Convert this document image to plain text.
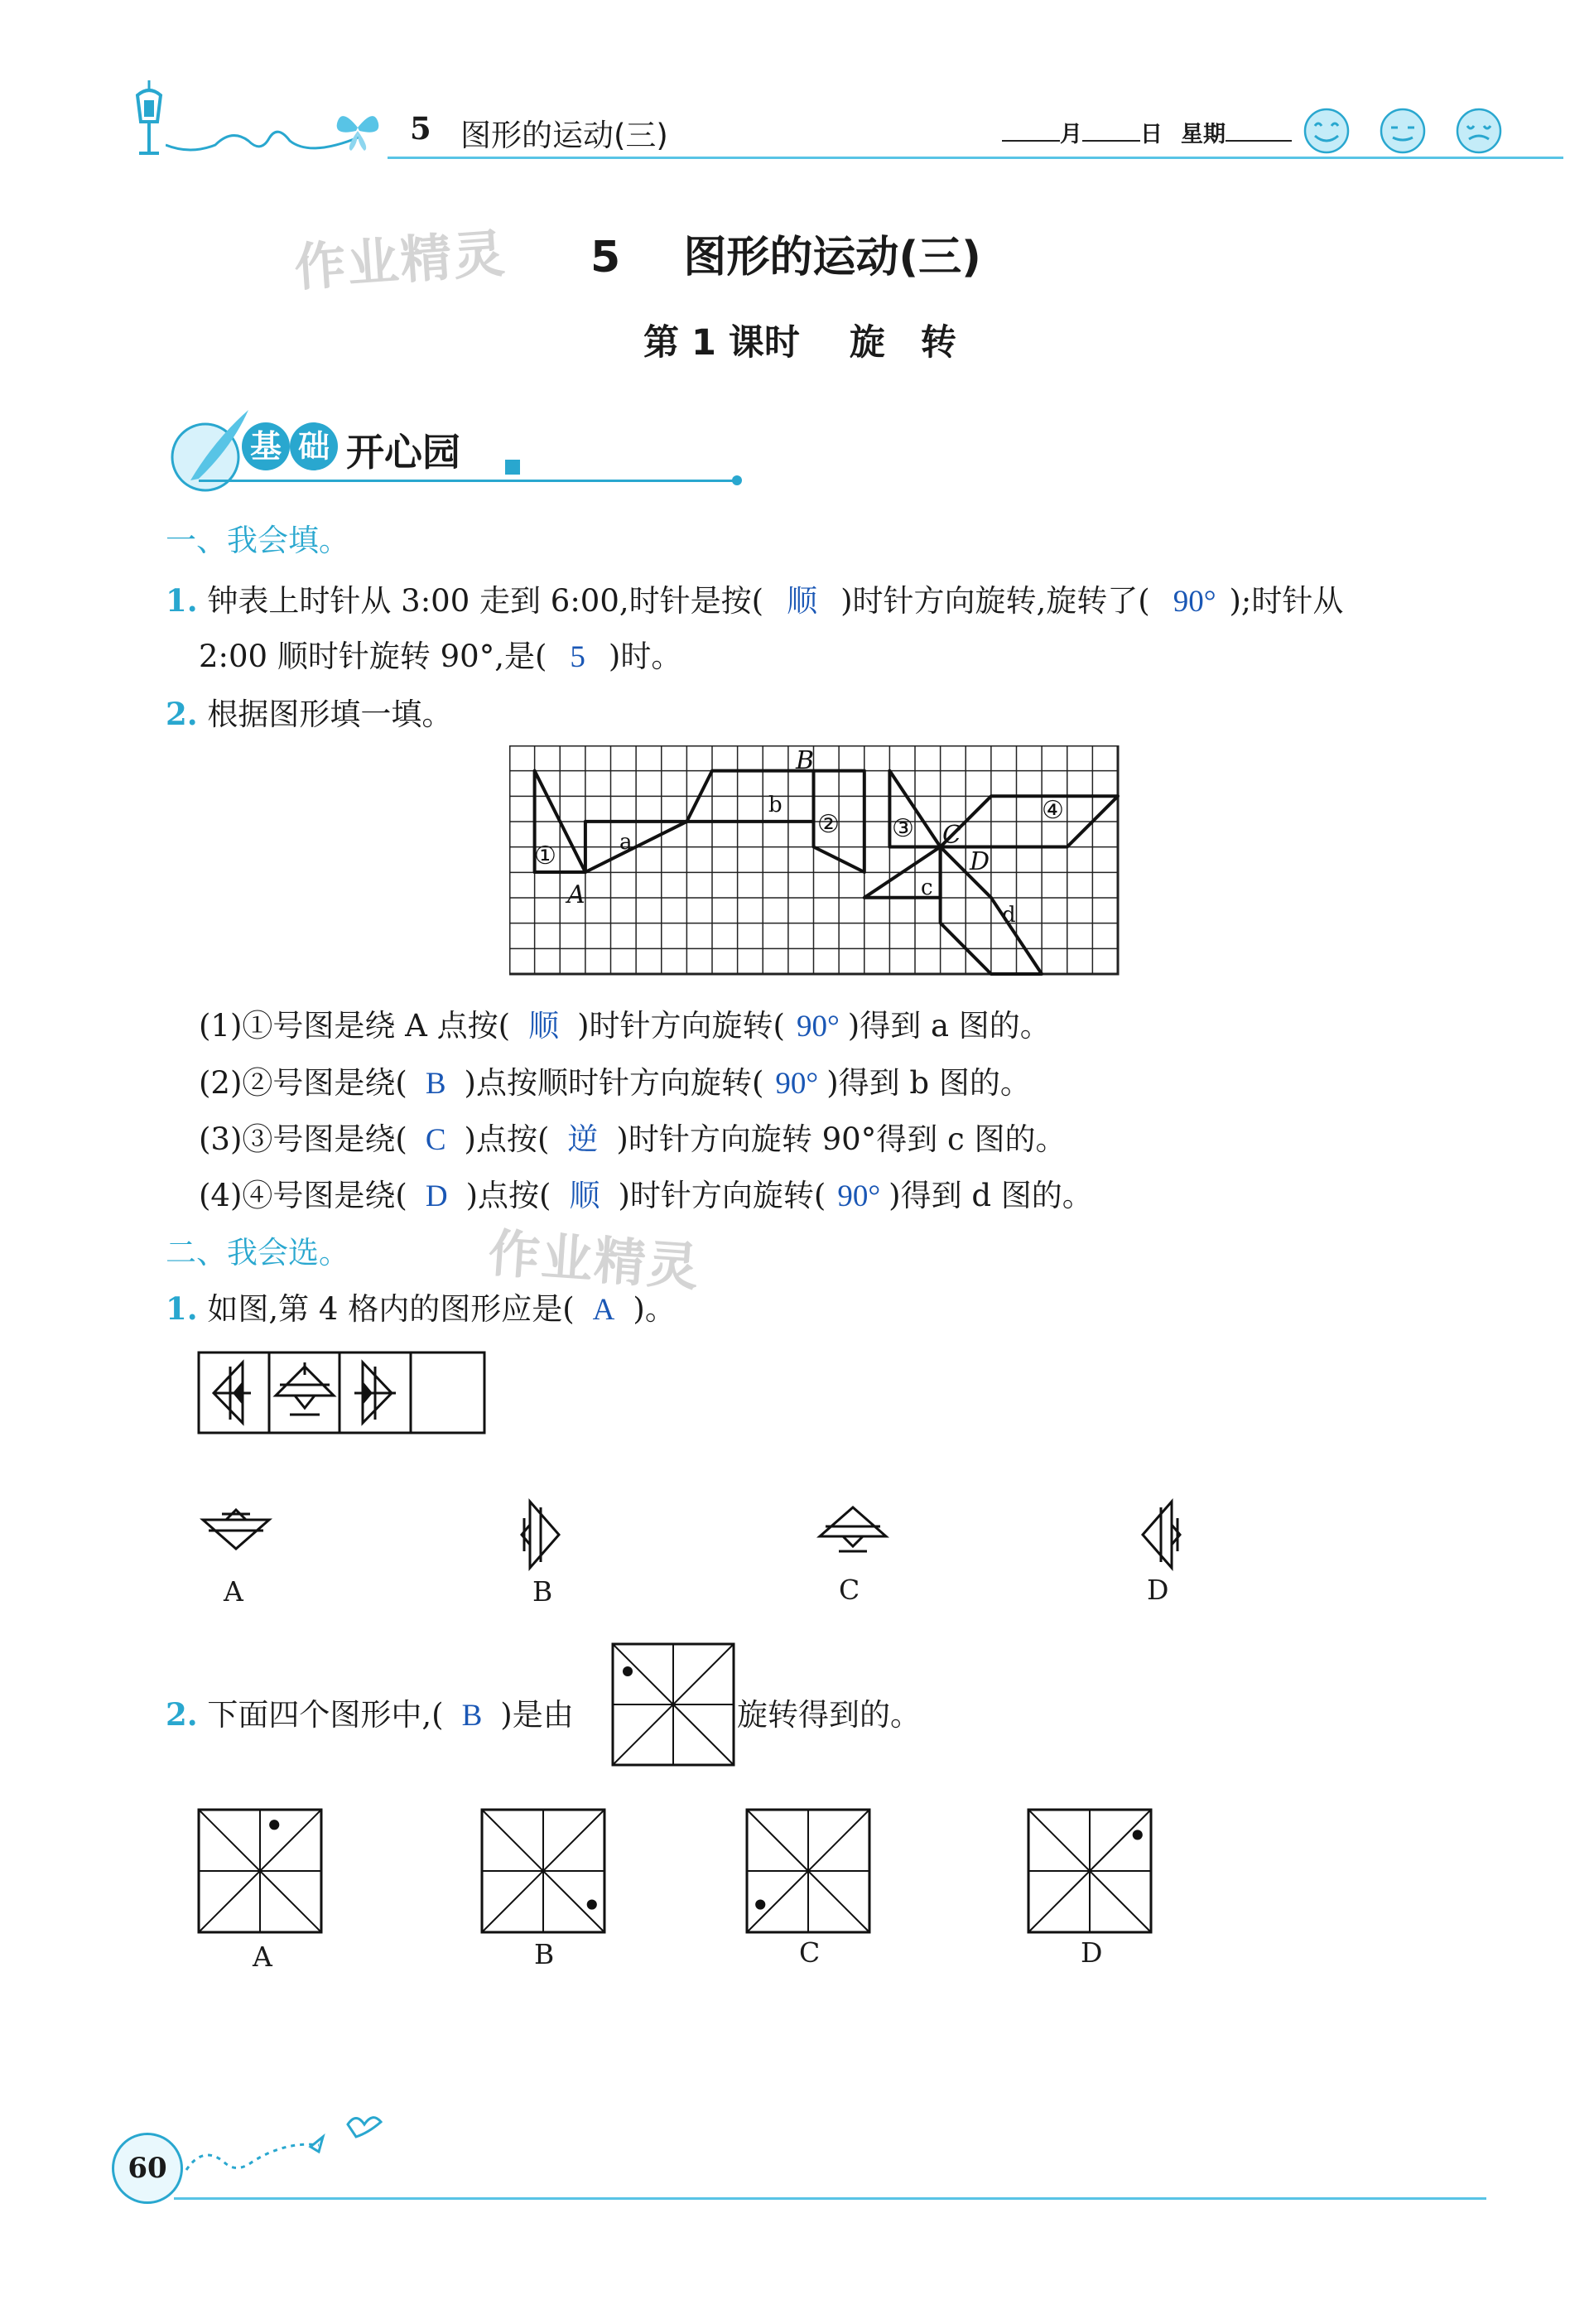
5 图形的运动(三)	月	日 星期
作业精灵 5 图形的运动(三)
第 1 课时 旋　转
基 础 开心园
一、我会填。
1. 钟表上时针从 3:00 走到 6:00,时针是按( 顺 )时针方向旋转,旋转了( 90° );时针从
2:00 顺时针旋转 90°,是( 5 )时。
2. 根据图形填一填。
A
B
C
D
a
b
c
d
①
② ③
④
(1)①号图是绕 A 点按( 顺 )时针方向旋转( 90° )得到 a 图的。
(2)②号图是绕( B )点按顺时针方向旋转( 90° )得到 b 图的。
(3)③号图是绕( C )点按( 逆 )时针方向旋转 90°得到 c 图的。
(4)④号图是绕( D )点按( 顺 )时针方向旋转( 90° )得到 d 图的。
二、我会选。	作业精灵
1. 如图,第 4 格内的图形应是( A )。
A	B	C	D
2. 下面四个图形中,( B )是由	旋转得到的。
A	B	C	D
60
